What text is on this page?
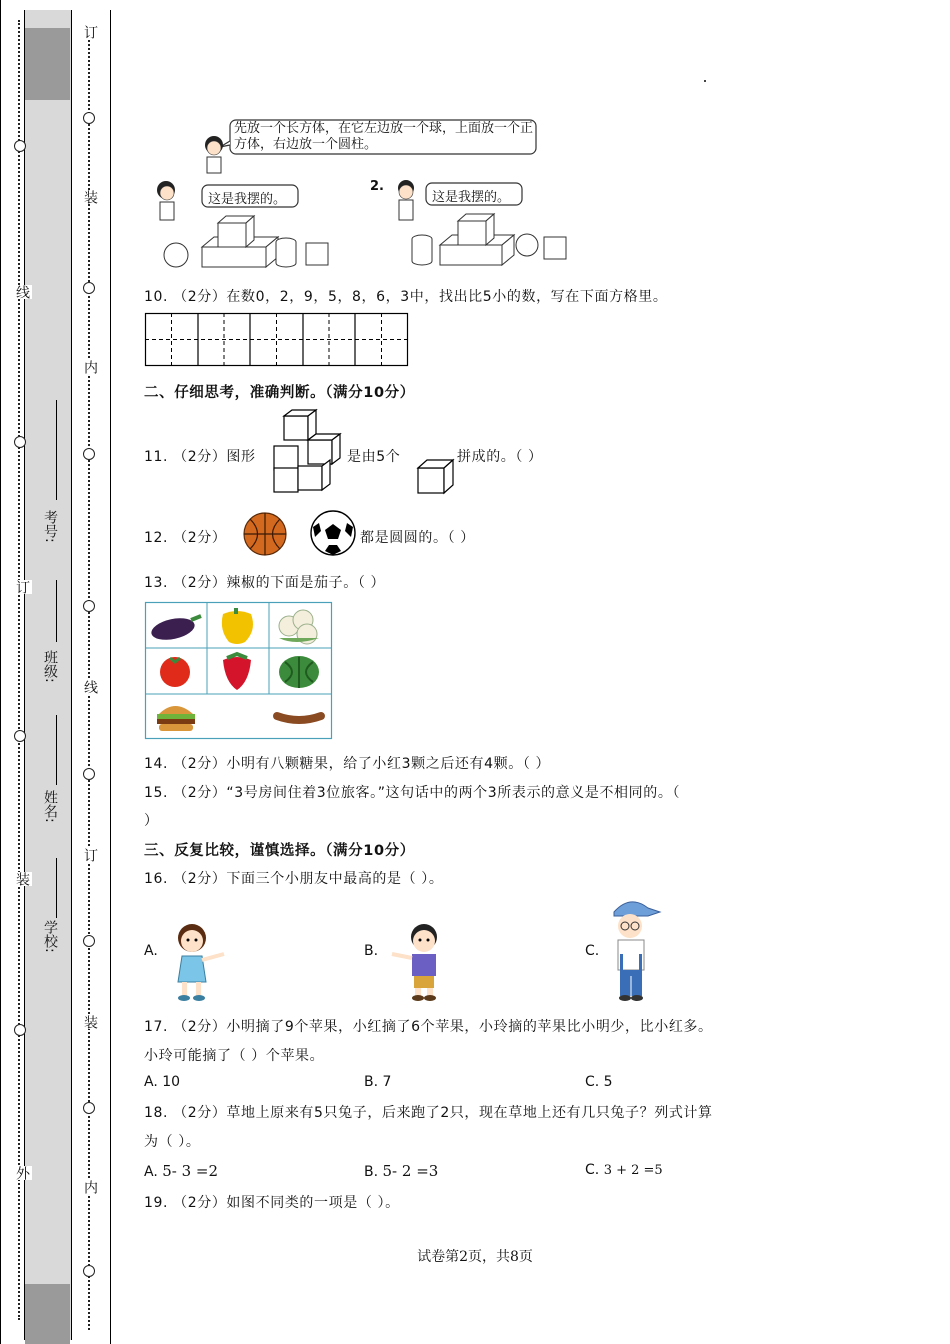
线
订
装
外
考号:
班级:
姓名:
学校:
订
装
内
线
订
装
内
先放一个长方体，在它左边放一个球，上面放一个正方体，右边放一个圆柱。
这是我摆的。
2.
这是我摆的。
10. （2分）在数0，2，9，5，8，6，3中，找出比5小的数，写在下面方格里。
二、仔细思考，准确判断。（满分10分）
11. （2分）图形	是由5个	拼成的。（ ）
12. （2分）	都是圆圆的。（ ）
13. （2分）辣椒的下面是茄子。（ ）
14. （2分）小明有八颗糖果，给了小红3颗之后还有4颗。（ ）
15. （2分）“3号房间住着3位旅客。”这句话中的两个3所表示的意义是不相同的。（
）
三、反复比较，谨慎选择。（满分10分）
16. （2分）下面三个小朋友中最高的是（ ）。
A.	B.	C.
17. （2分）小明摘了9个苹果，小红摘了6个苹果，小玲摘的苹果比小明少，比小红多。
小玲可能摘了（ ）个苹果。
A. 10	B. 7	C. 5
18. （2分）草地上原来有5只兔子，后来跑了2只，现在草地上还有几只兔子？列式计算
为（ ）。
A. 5- 3 =2	B. 5- 2 =3	C. 3 + 2 =5
19. （2分）如图不同类的一项是（ ）。
试卷第2页，共8页
